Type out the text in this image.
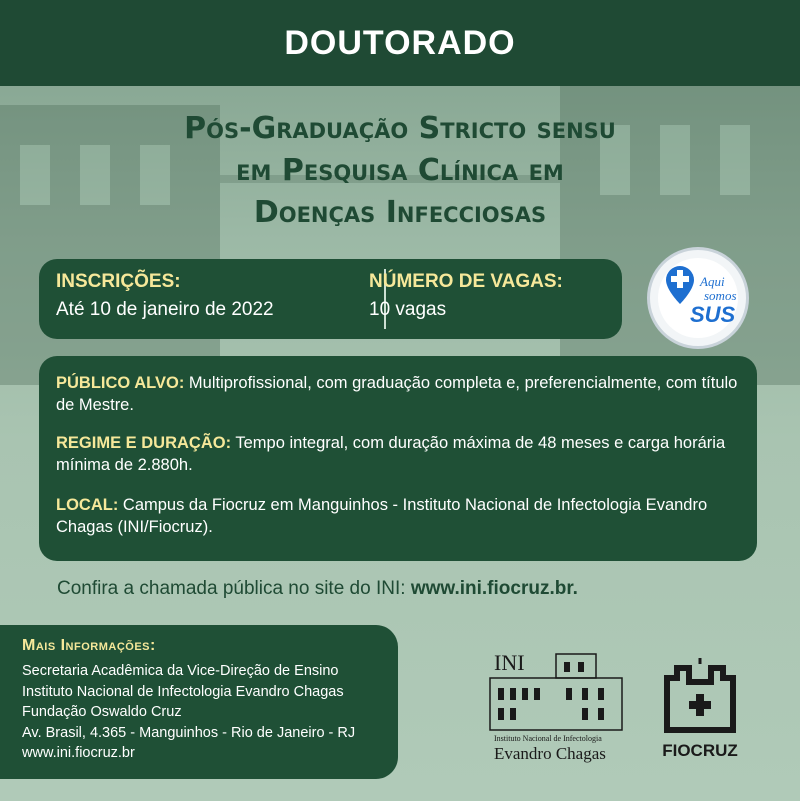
DOUTORADO
Pós-Graduação Stricto sensu
em Pesquisa Clínica em
Doenças Infecciosas
INSCRIÇÕES:
Até 10 de janeiro de 2022
NÚMERO DE VAGAS:
10 vagas
Aqui
somos
SUS
PÚBLICO ALVO: Multiprofissional, com graduação completa e, preferencialmente, com título de Mestre.
REGIME E DURAÇÃO: Tempo integral, com duração máxima de 48 meses e carga horária mínima de 2.880h.
LOCAL: Campus da Fiocruz em Manguinhos - Instituto Nacional de Infectologia Evandro Chagas (INI/Fiocruz).
Confira a chamada pública no site do INI: www.ini.fiocruz.br.
Mais Informações:
Secretaria Acadêmica da Vice-Direção de Ensino
Instituto Nacional de Infectologia Evandro Chagas
Fundação Oswaldo Cruz
Av. Brasil, 4.365 - Manguinhos - Rio de Janeiro - RJ
www.ini.fiocruz.br
INI
Instituto Nacional de Infectologia
Evandro Chagas	FIOCRUZ
